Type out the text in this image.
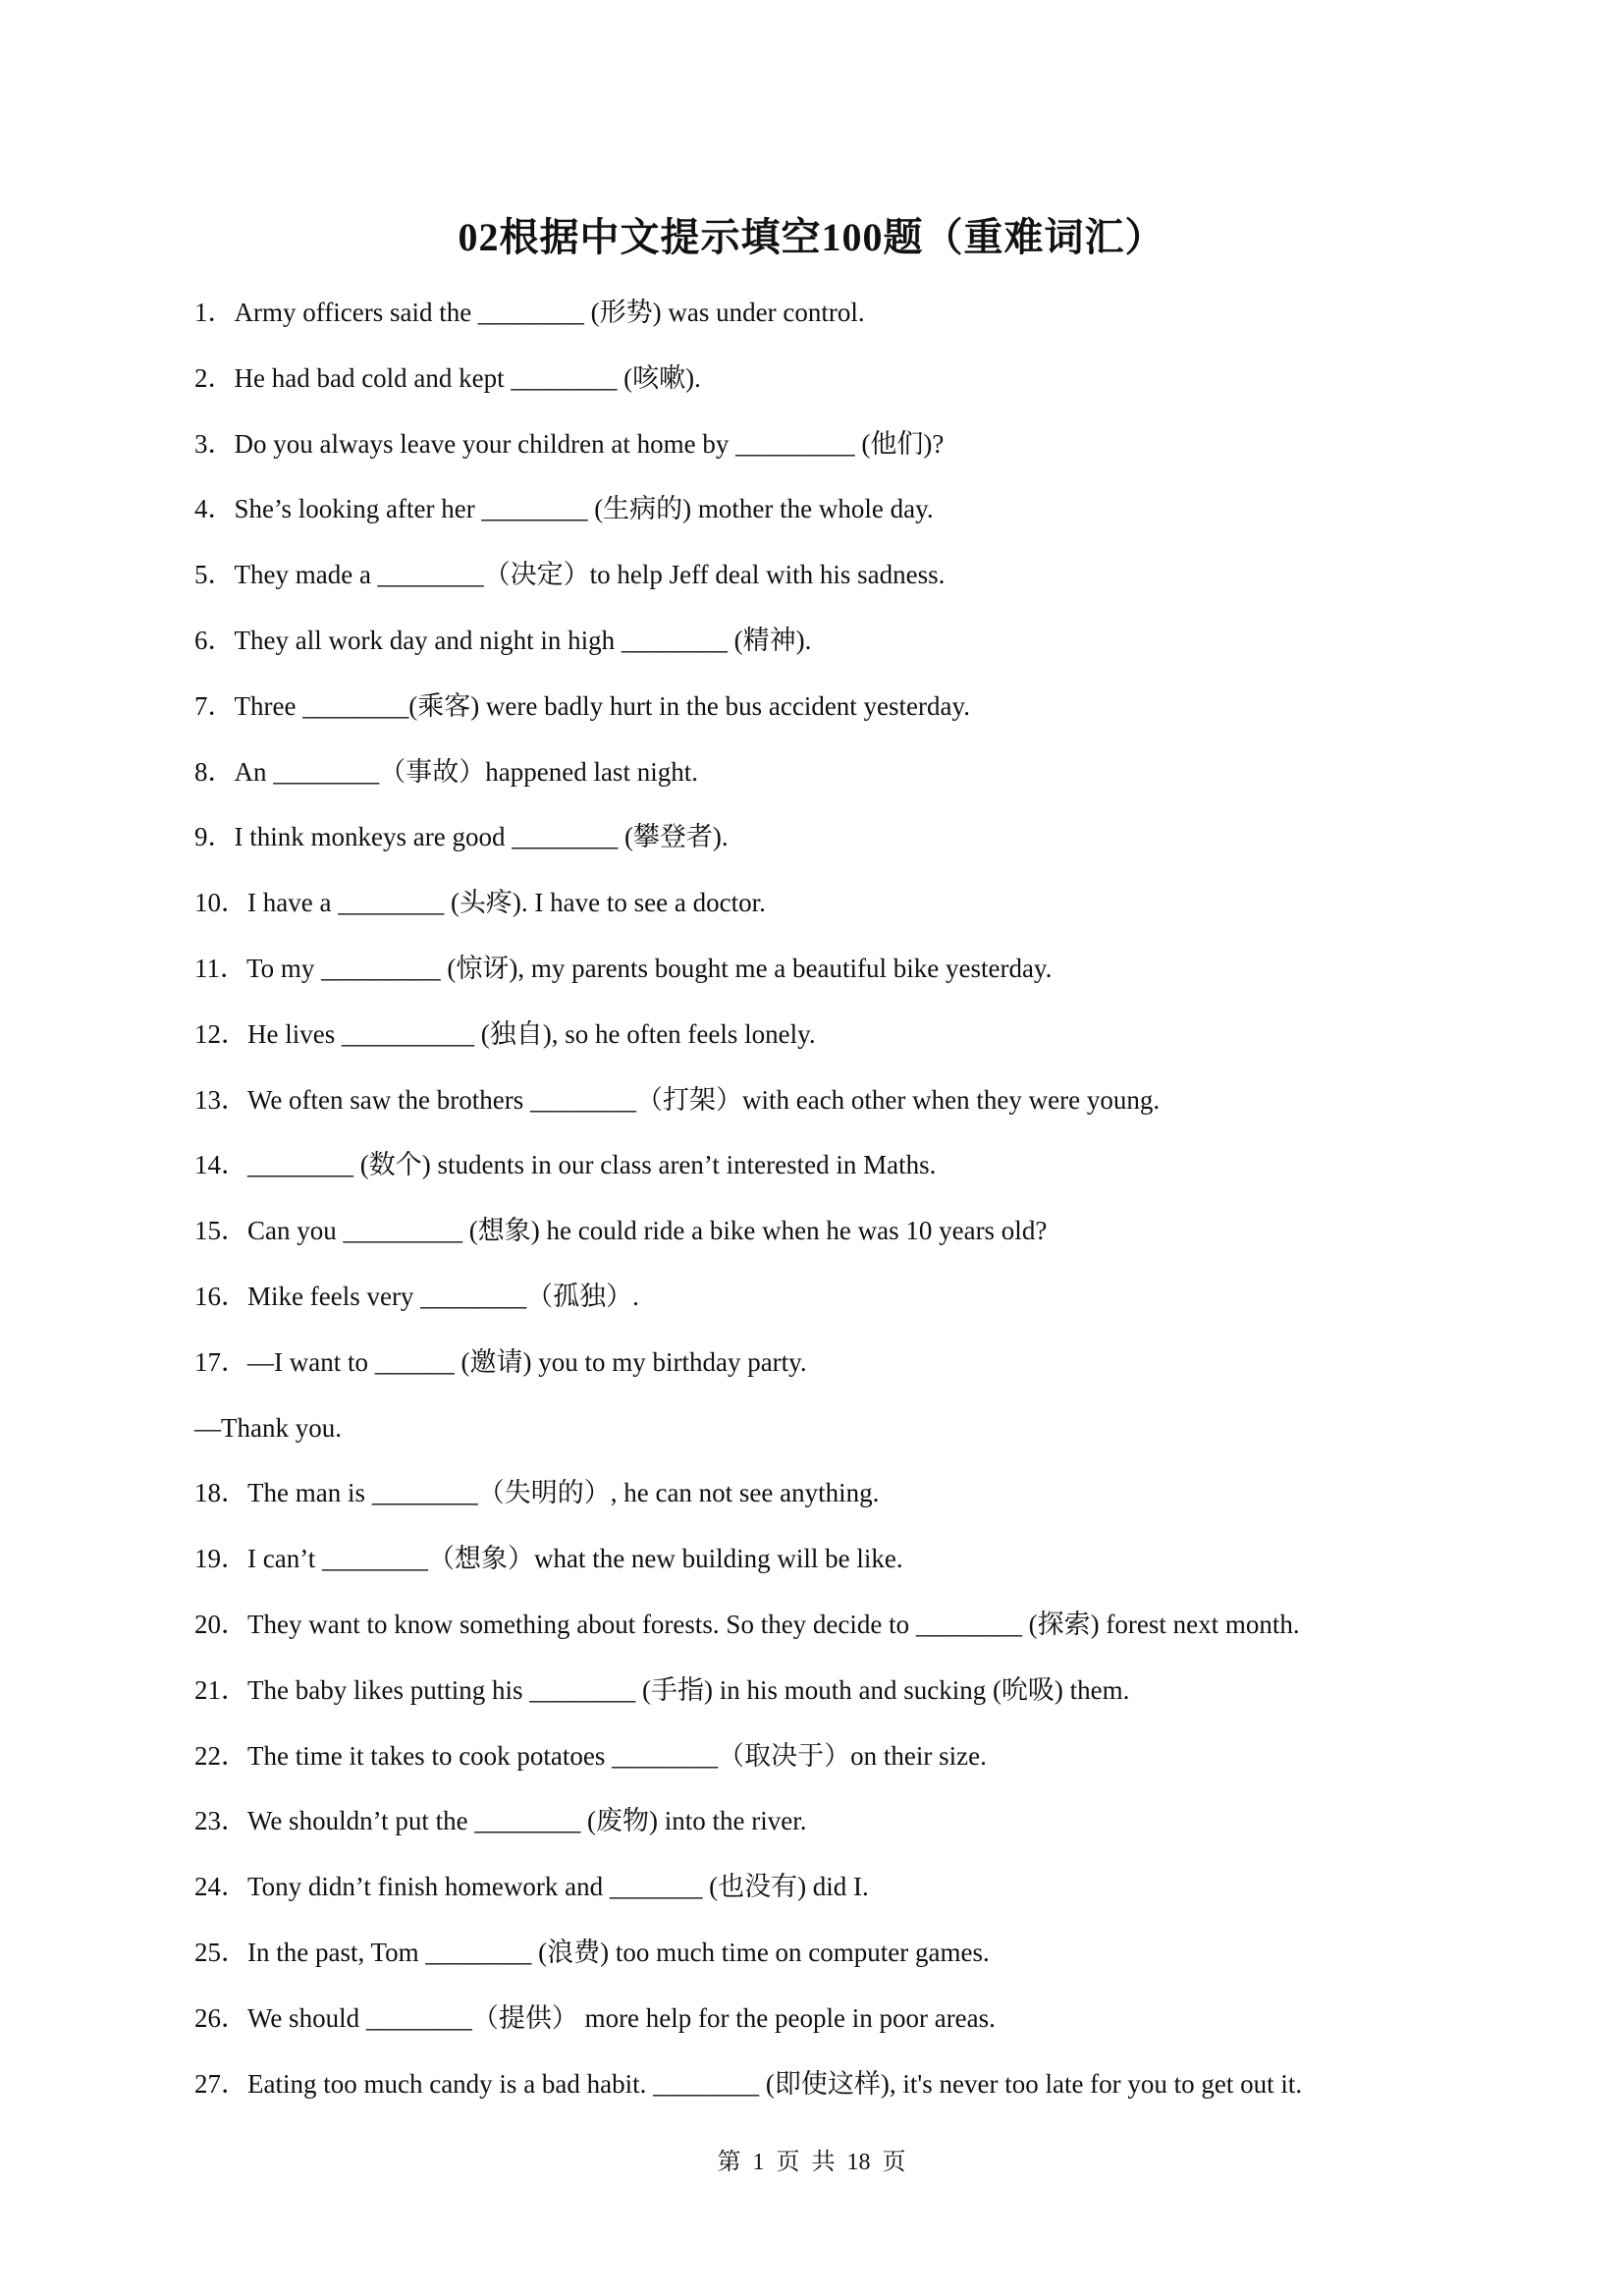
02根据中文提示填空100题（重难词汇）
1．Army officers said the ________ (形势) was under control.
2．He had bad cold and kept ________ (咳嗽).
3．Do you always leave your children at home by _________ (他们)?
4．She’s looking after her ________ (生病的) mother the whole day.
5．They made a ________（决定）to help Jeff deal with his sadness.
6．They all work day and night in high ________ (精神).
7．Three ________(乘客) were badly hurt in the bus accident yesterday.
8．An ________（事故）happened last night.
9．I think monkeys are good ________ (攀登者).
10．I have a ________ (头疼). I have to see a doctor.
11．To my _________ (惊讶), my parents bought me a beautiful bike yesterday.
12．He lives __________ (独自), so he often feels lonely.
13．We often saw the brothers ________（打架）with each other when they were young.
14．________ (数个) students in our class aren’t interested in Maths.
15．Can you _________ (想象) he could ride a bike when he was 10 years old?
16．Mike feels very ________（孤独）.
17．—I want to ______ (邀请) you to my birthday party.
—Thank you.
18．The man is ________（失明的）, he can not see anything.
19．I can’t ________（想象）what the new building will be like.
20．They want to know something about forests. So they decide to ________ (探索) forest next month.
21．The baby likes putting his ________ (手指) in his mouth and sucking (吮吸) them.
22．The time it takes to cook potatoes ________（取决于）on their size.
23．We shouldn’t put the ________ (废物) into the river.
24．Tony didn’t finish homework and _______ (也没有) did I.
25．In the past, Tom ________ (浪费) too much time on computer games.
26．We should ________（提供） more help for the people in poor areas.
27．Eating too much candy is a bad habit. ________ (即使这样), it's never too late for you to get out it.
第 1 页 共 18 页
